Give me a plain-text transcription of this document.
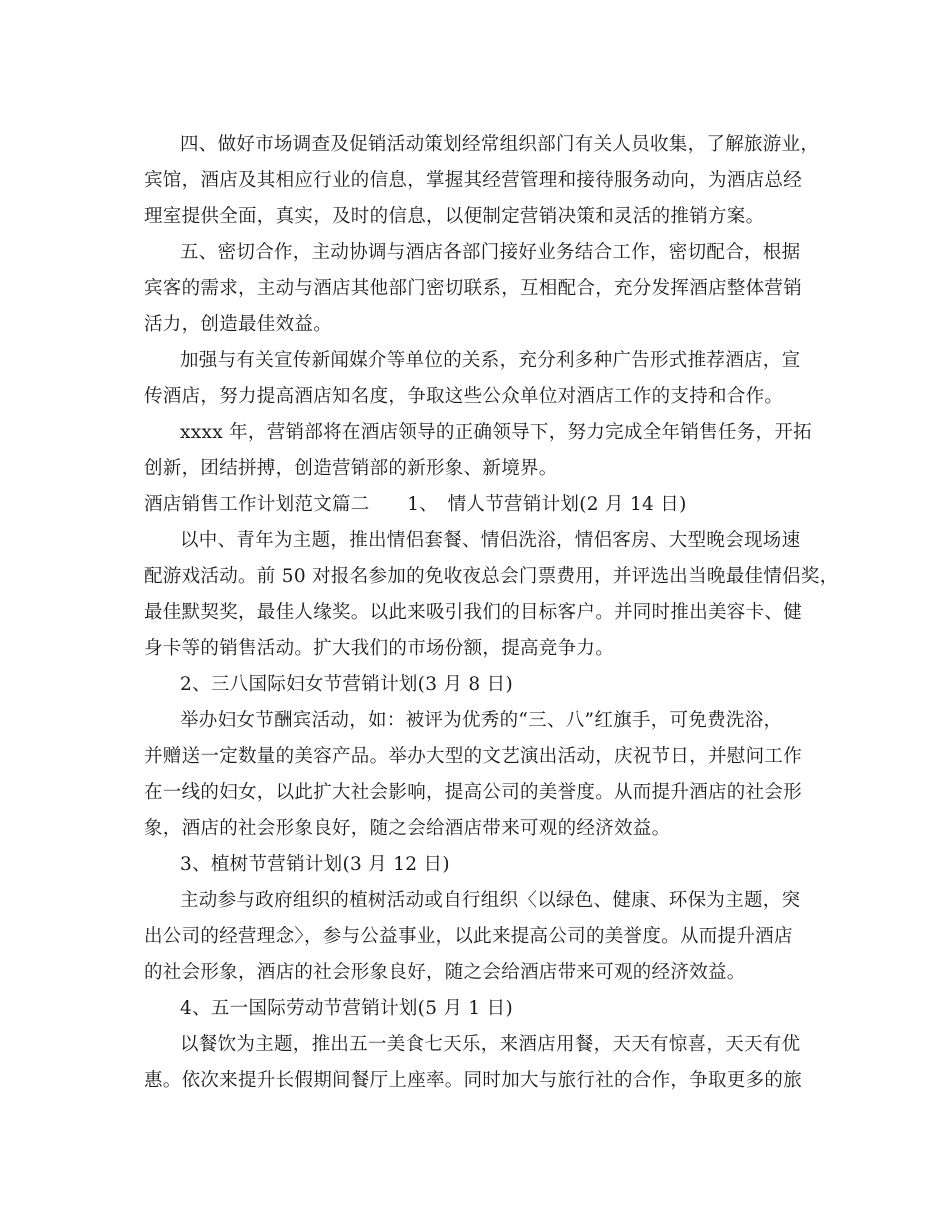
四、做好市场调查及促销活动策划经常组织部门有关人员收集，了解旅游业，
宾馆，酒店及其相应行业的信息，掌握其经营管理和接待服务动向，为酒店总经
理室提供全面，真实，及时的信息，以便制定营销决策和灵活的推销方案。
五、密切合作，主动协调与酒店各部门接好业务结合工作，密切配合，根据
宾客的需求，主动与酒店其他部门密切联系，互相配合，充分发挥酒店整体营销
活力，创造最佳效益。
加强与有关宣传新闻媒介等单位的关系，充分利多种广告形式推荐酒店，宣
传酒店，努力提高酒店知名度，争取这些公众单位对酒店工作的支持和合作。
xxxx 年，营销部将在酒店领导的正确领导下，努力完成全年销售任务，开拓
创新，团结拼搏，创造营销部的新形象、新境界。
酒店销售工作计划范文篇二　　1、　情人节营销计划(2 月 14 日)
以中、青年为主题，推出情侣套餐、情侣洗浴，情侣客房、大型晚会现场速
配游戏活动。前 50 对报名参加的免收夜总会门票费用，并评选出当晚最佳情侣奖，
最佳默契奖，最佳人缘奖。以此来吸引我们的目标客户。并同时推出美容卡、健
身卡等的销售活动。扩大我们的市场份额，提高竞争力。
2、三八国际妇女节营销计划(3 月 8 日)
举办妇女节酬宾活动，如：被评为优秀的“三、八”红旗手，可免费洗浴，
并赠送一定数量的美容产品。举办大型的文艺演出活动，庆祝节日，并慰问工作
在一线的妇女，以此扩大社会影响，提高公司的美誉度。从而提升酒店的社会形
象，酒店的社会形象良好，随之会给酒店带来可观的经济效益。
3、植树节营销计划(3 月 12 日)
主动参与政府组织的植树活动或自行组织〈以绿色、健康、环保为主题，突
出公司的经营理念〉，参与公益事业，以此来提高公司的美誉度。从而提升酒店
的社会形象，酒店的社会形象良好，随之会给酒店带来可观的经济效益。
4、五一国际劳动节营销计划(5 月 1 日)
以餐饮为主题，推出五一美食七天乐，来酒店用餐，天天有惊喜，天天有优
惠。依次来提升长假期间餐厅上座率。同时加大与旅行社的合作，争取更多的旅
